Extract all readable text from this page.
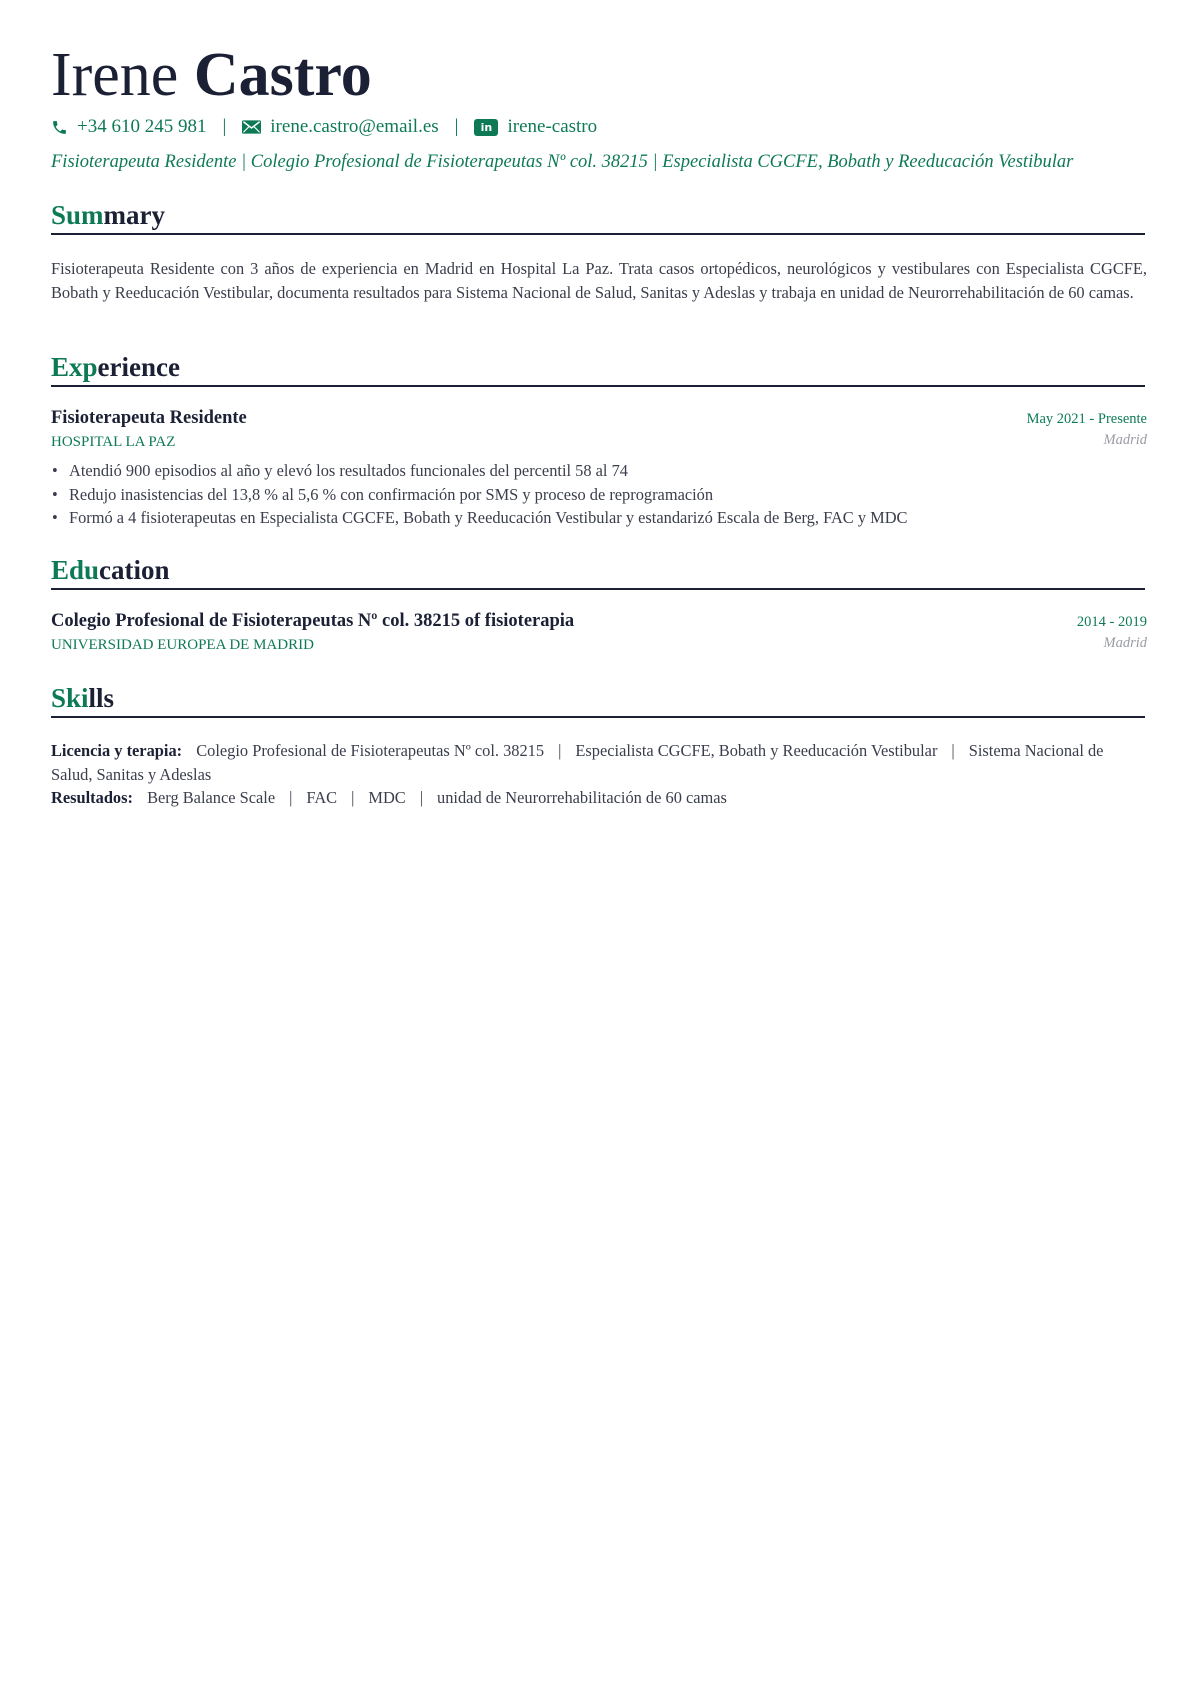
Irene Castro
+34 610 245 981 | irene.castro@email.es |	in irene-castro
Fisioterapeuta Residente | Colegio Profesional de Fisioterapeutas Nº col. 38215 | Especialista CGCFE, Bobath y Reeducación Vestibular
Summary
Fisioterapeuta Residente con 3 años de experiencia en Madrid en Hospital La Paz. Trata casos ortopédicos, neurológicos y vestibulares con Especialista CGCFE, Bobath y Reeducación Vestibular, documenta resultados para Sistema Nacional de Salud, Sanitas y Adeslas y trabaja en unidad de Neurorrehabilitación de 60 camas.
Experience
Fisioterapeuta Residente	May 2021 - Presente
HOSPITAL LA PAZ	Madrid
• Atendió 900 episodios al año y elevó los resultados funcionales del percentil 58 al 74
• Redujo inasistencias del 13,8 % al 5,6 % con confirmación por SMS y proceso de reprogramación
• Formó a 4 fisioterapeutas en Especialista CGCFE, Bobath y Reeducación Vestibular y estandarizó Escala de Berg, FAC y MDC
Education
Colegio Profesional de Fisioterapeutas Nº col. 38215 of fisioterapia	2014 - 2019
UNIVERSIDAD EUROPEA DE MADRID	Madrid
Skills
Licencia y terapia: Colegio Profesional de Fisioterapeutas Nº col. 38215 | Especialista CGCFE, Bobath y Reeducación Vestibular | Sistema Nacional de Salud, Sanitas y Adeslas
Resultados: Berg Balance Scale | FAC | MDC | unidad de Neurorrehabilitación de 60 camas
